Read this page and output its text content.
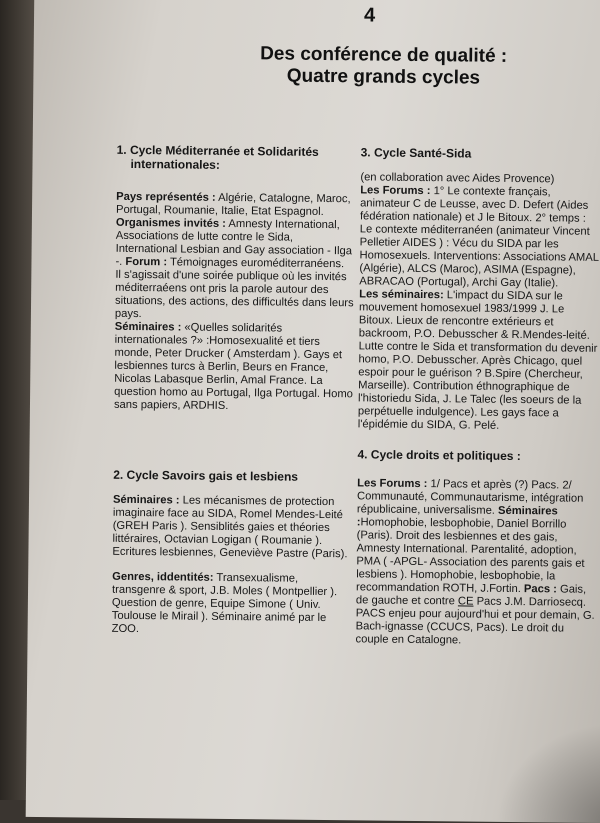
4
Des conférence de qualité :
Quatre grands cycles
1. Cycle Méditerranée et Solidarités
internationales:

Pays représentés : Algérie, Catalogne, Maroc, Portugal, Roumanie, Italie, Etat Espagnol. Organismes invités : Amnesty International, Associations de lutte contre le Sida, International Lesbian and Gay association - Ilga -. Forum : Témoignages euroméditerranéens.

Il s'agissait d'une soirée publique où les invités méditerraéens ont pris la parole autour des situations, des actions, des difficultés dans leurs pays.

Séminaires : «Quelles solidarités internationales ?» :Homosexualité et tiers monde, Peter Drucker ( Amsterdam ). Gays et lesbiennes turcs à Berlin, Beurs en France, Nicolas Labasque Berlin, Amal France. La question homo au Portugal, Ilga Portugal. Homo sans papiers, ARDHIS.

2. Cycle Savoirs gais et lesbiens

Séminaires : Les mécanismes de protection imaginaire face au SIDA, Romel Mendes-Leité (GREH Paris ). Sensiblités gaies et théories littéraires, Octavian Logigan ( Roumanie ). Ecritures lesbiennes, Geneviève Pastre (Paris).

Genres, iddentités: Transexualisme, transgenre & sport, J.B. Moles ( Montpellier ). Question de genre, Equipe Simone ( Univ. Toulouse le Mirail ). Séminaire animé par le ZOO.

3. Cycle Santé-Sida

(en collaboration avec Aides Provence)

Les Forums : 1° Le contexte français, animateur C de Leusse, avec D. Defert (Aides fédération nationale) et J le Bitoux. 2° temps : Le contexte méditerranéen (animateur Vincent Pelletier AIDES ) : Vécu du SIDA par les Homosexuels. Interventions: Associations AMAL (Algérie), ALCS (Maroc), ASIMA (Espagne), ABRACAO (Portugal), Archi Gay (Italie).

Les séminaires: L'impact du SIDA sur le mouvement homosexuel 1983/1999 J. Le Bitoux. Lieux de rencontre extérieurs et backroom, P.O. Debusscher & R.Mendes-leité. Lutte contre le Sida et transformation du devenir homo, P.O. Debusscher. Après Chicago, quel espoir pour le guérison ? B.Spire (Chercheur, Marseille). Contribution éthnographique de l'historiedu Sida, J. Le Talec (les soeurs de la perpétuelle indulgence). Les gays face a l'épidémie du SIDA, G. Pelé.

4. Cycle droits et politiques :

Les Forums : 1/ Pacs et après (?) Pacs. 2/ Communauté, Communautarisme, intégration républicaine, universalisme. Séminaires :Homophobie, lesbophobie, Daniel Borrillo (Paris). Droit des lesbiennes et des gais, Amnesty International. Parentalité, adoption, PMA ( -APGL- Association des parents gais et lesbiens ). Homophobie, lesbophobie, la recommandation ROTH, J.Fortin. Pacs : Gais, de gauche et contre CE Pacs J.M. Darriosecq. PACS enjeu pour aujourd'hui et pour demain, G. Bach-ignasse (CCUCS, Pacs). Le droit du couple en Catalogne.
